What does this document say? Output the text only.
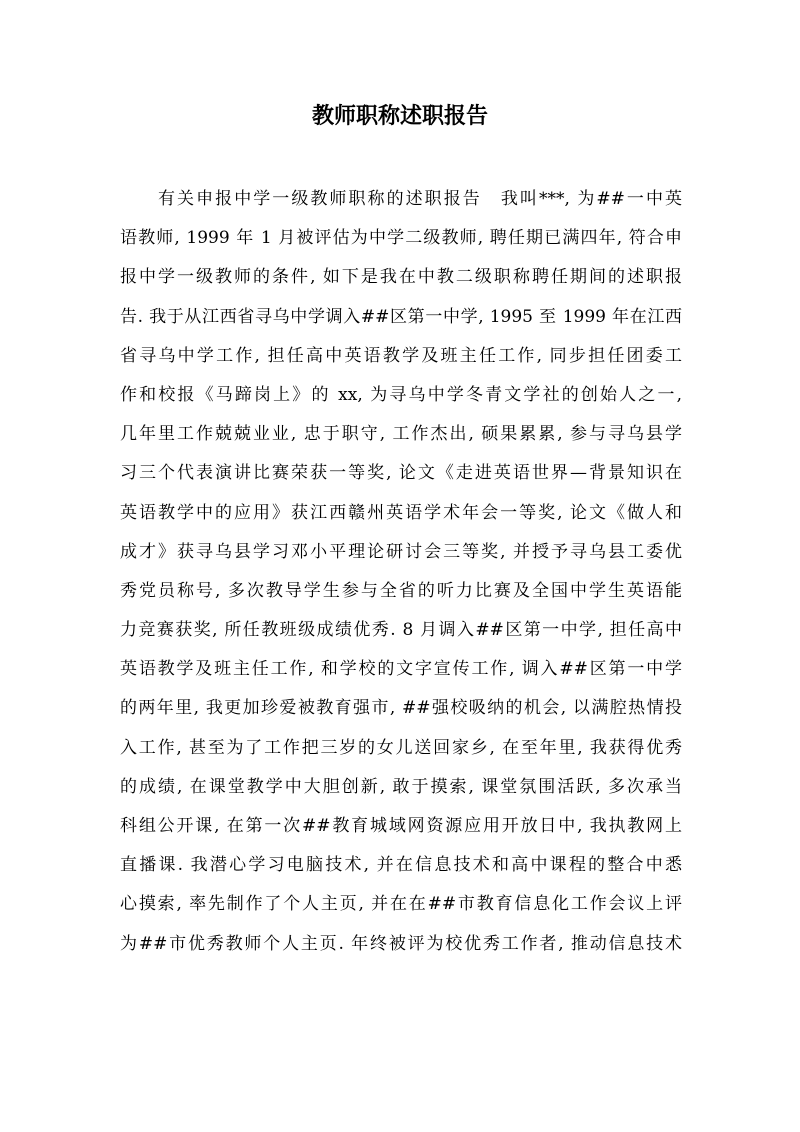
教师职称述职报告
有关申报中学一级教师职称的述职报告　我叫***, 为##一中英
语教师, 1999 年 1 月被评估为中学二级教师, 聘任期已满四年, 符合申
报中学一级教师的条件, 如下是我在中教二级职称聘任期间的述职报
告. 我于从江西省寻乌中学调入##区第一中学, 1995 至 1999 年在江西
省寻乌中学工作, 担任高中英语教学及班主任工作, 同步担任团委工
作和校报《马蹄岗上》的 xx, 为寻乌中学冬青文学社的创始人之一,
几年里工作兢兢业业, 忠于职守, 工作杰出, 硕果累累, 参与寻乌县学
习三个代表演讲比赛荣获一等奖, 论文《走进英语世界—背景知识在
英语教学中的应用》获江西赣州英语学术年会一等奖, 论文《做人和
成才》获寻乌县学习邓小平理论研讨会三等奖, 并授予寻乌县工委优
秀党员称号, 多次教导学生参与全省的听力比赛及全国中学生英语能
力竞赛获奖, 所任教班级成绩优秀. 8 月调入##区第一中学, 担任高中
英语教学及班主任工作, 和学校的文字宣传工作, 调入##区第一中学
的两年里, 我更加珍爱被教育强市, ##强校吸纳的机会, 以满腔热情投
入工作, 甚至为了工作把三岁的女儿送回家乡, 在至年里, 我获得优秀
的成绩, 在课堂教学中大胆创新, 敢于摸索, 课堂氛围活跃, 多次承当
科组公开课, 在第一次##教育城域网资源应用开放日中, 我执教网上
直播课. 我潜心学习电脑技术, 并在信息技术和高中课程的整合中悉
心摸索, 率先制作了个人主页, 并在在##市教育信息化工作会议上评
为##市优秀教师个人主页. 年终被评为校优秀工作者, 推动信息技术
